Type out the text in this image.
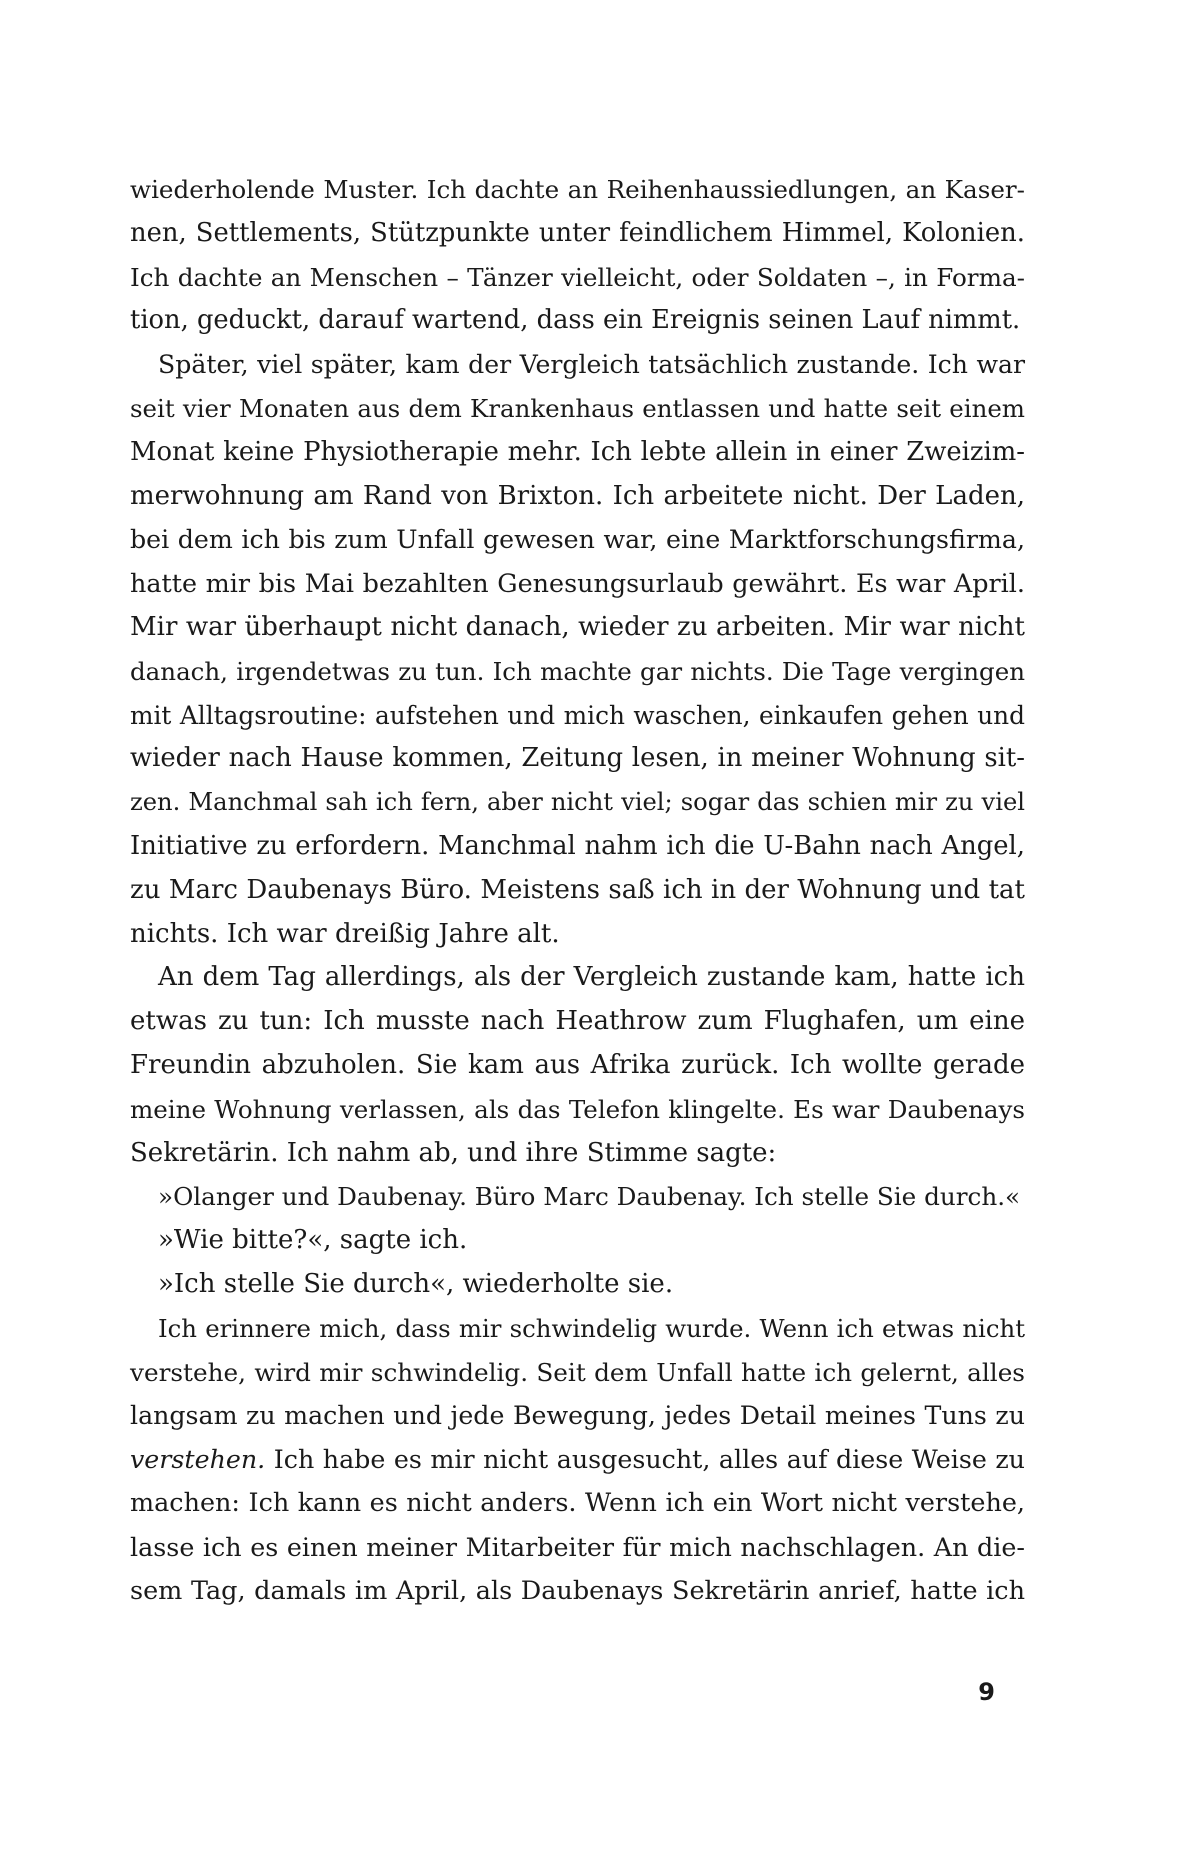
wiederholende Muster. Ich dachte an Reihenhaussiedlungen, an Kaser-
nen, Settlements, Stützpunkte unter feindlichem Himmel, Kolonien.
Ich dachte an Menschen – Tänzer vielleicht, oder Soldaten –, in Forma-
tion, geduckt, darauf wartend, dass ein Ereignis seinen Lauf nimmt.
Später, viel später, kam der Vergleich tatsächlich zustande. Ich war
seit vier Monaten aus dem Krankenhaus entlassen und hatte seit einem
Monat keine Physiotherapie mehr. Ich lebte allein in einer Zweizim-
merwohnung am Rand von Brixton. Ich arbeitete nicht. Der Laden,
bei dem ich bis zum Unfall gewesen war, eine Marktforschungsfirma,
hatte mir bis Mai bezahlten Genesungsurlaub gewährt. Es war April.
Mir war überhaupt nicht danach, wieder zu arbeiten. Mir war nicht
danach, irgendetwas zu tun. Ich machte gar nichts. Die Tage vergingen
mit Alltagsroutine: aufstehen und mich waschen, einkaufen gehen und
wieder nach Hause kommen, Zeitung lesen, in meiner Wohnung sit-
zen. Manchmal sah ich fern, aber nicht viel; sogar das schien mir zu viel
Initiative zu erfordern. Manchmal nahm ich die U-Bahn nach Angel,
zu Marc Daubenays Büro. Meistens saß ich in der Wohnung und tat
nichts. Ich war dreißig Jahre alt.
An dem Tag allerdings, als der Vergleich zustande kam, hatte ich
etwas zu tun: Ich musste nach Heathrow zum Flughafen, um eine
Freundin abzuholen. Sie kam aus Afrika zurück. Ich wollte gerade
meine Wohnung verlassen, als das Telefon klingelte. Es war Daubenays
Sekretärin. Ich nahm ab, und ihre Stimme sagte:
»Olanger und Daubenay. Büro Marc Daubenay. Ich stelle Sie durch.«
»Wie bitte?«, sagte ich.
»Ich stelle Sie durch«, wiederholte sie.
Ich erinnere mich, dass mir schwindelig wurde. Wenn ich etwas nicht
verstehe, wird mir schwindelig. Seit dem Unfall hatte ich gelernt, alles
langsam zu machen und jede Bewegung, jedes Detail meines Tuns zu
verstehen. Ich habe es mir nicht ausgesucht, alles auf diese Weise zu
machen: Ich kann es nicht anders. Wenn ich ein Wort nicht verstehe,
lasse ich es einen meiner Mitarbeiter für mich nachschlagen. An die-
sem Tag, damals im April, als Daubenays Sekretärin anrief, hatte ich
9
